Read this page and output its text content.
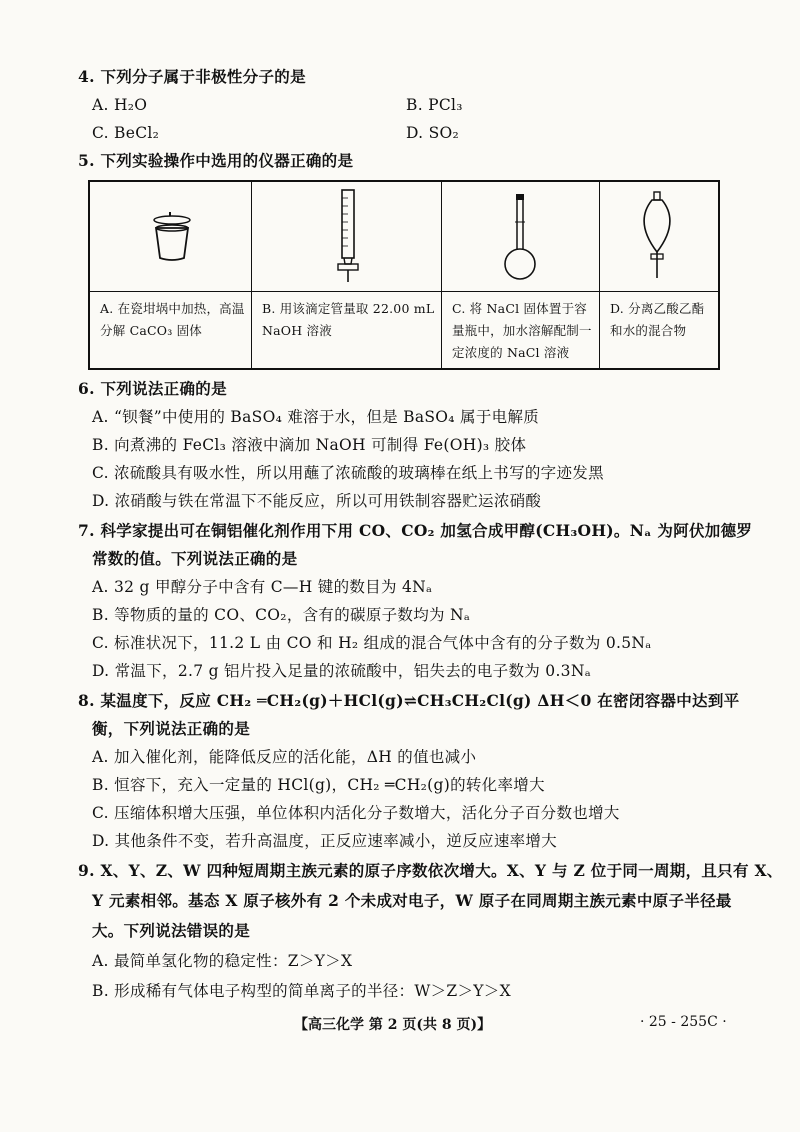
4. 下列分子属于非极性分子的是
A. H₂O	B. PCl₃
C. BeCl₂	D. SO₂
5. 下列实验操作中选用的仪器正确的是
A. 在瓷坩埚中加热，高温分解 CaCO₃ 固体
B. 用该滴定管量取 22.00 mL NaOH 溶液
C. 将 NaCl 固体置于容量瓶中，加水溶解配制一定浓度的 NaCl 溶液
D. 分离乙酸乙酯和水的混合物
6. 下列说法正确的是
A. “钡餐”中使用的 BaSO₄ 难溶于水，但是 BaSO₄ 属于电解质
B. 向煮沸的 FeCl₃ 溶液中滴加 NaOH 可制得 Fe(OH)₃ 胶体
C. 浓硫酸具有吸水性，所以用蘸了浓硫酸的玻璃棒在纸上书写的字迹发黑
D. 浓硝酸与铁在常温下不能反应，所以可用铁制容器贮运浓硝酸
7. 科学家提出可在铜铝催化剂作用下用 CO、CO₂ 加氢合成甲醇(CH₃OH)。Nₐ 为阿伏加德罗
常数的值。下列说法正确的是
A. 32 g 甲醇分子中含有 C—H 键的数目为 4Nₐ
B. 等物质的量的 CO、CO₂，含有的碳原子数均为 Nₐ
C. 标准状况下，11.2 L 由 CO 和 H₂ 组成的混合气体中含有的分子数为 0.5Nₐ
D. 常温下，2.7 g 铝片投入足量的浓硫酸中，铝失去的电子数为 0.3Nₐ
8. 某温度下，反应 CH₂ ═CH₂(g)＋HCl(g)⇌CH₃CH₂Cl(g) ΔH＜0 在密闭容器中达到平
衡，下列说法正确的是
A. 加入催化剂，能降低反应的活化能，ΔH 的值也减小
B. 恒容下，充入一定量的 HCl(g)，CH₂ ═CH₂(g)的转化率增大
C. 压缩体积增大压强，单位体积内活化分子数增大，活化分子百分数也增大
D. 其他条件不变，若升高温度，正反应速率减小，逆反应速率增大
9. X、Y、Z、W 四种短周期主族元素的原子序数依次增大。X、Y 与 Z 位于同一周期，且只有 X、
Y 元素相邻。基态 X 原子核外有 2 个未成对电子，W 原子在同周期主族元素中原子半径最
大。下列说法错误的是
A. 最简单氢化物的稳定性：Z＞Y＞X
B. 形成稀有气体电子构型的简单离子的半径：W＞Z＞Y＞X
【高三化学 第 2 页(共 8 页)】	· 25 - 255C ·
